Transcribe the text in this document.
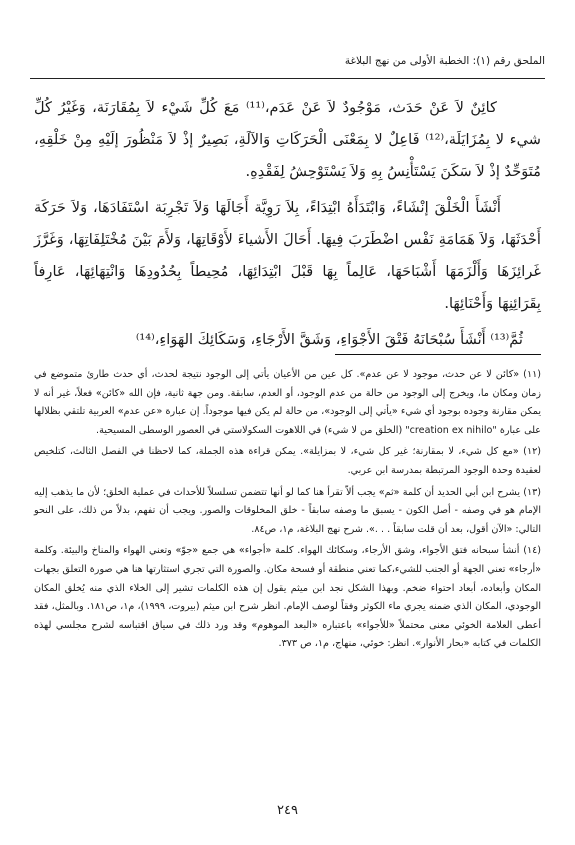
الملحق رقم (١): الخطبة الأولى من نهج البلاغة

كائِنٌ لاَ عَنْ حَدَث، مَوْجُودٌ لاَ عَنْ عَدَم،⁽¹¹⁾ مَعَ كُلِّ شَيْء لاَ بِمُقَارَنَة، وَغَيْرُ كُلِّ شيء لا بِمُزَايَلَة،⁽¹²⁾ فَاعِلٌ لا بِمَعْنَى الْحَرَكَاتِ وَالآلَةِ، بَصِيرٌ إذْ لاَ مَنْظُورَ إلَيْهِ مِنْ خَلْقِهِ، مُتَوَحِّدٌ إذْ لاَ سَكَنَ يَسْتَأْنِسُ بِهِ وَلاَ يَسْتَوْحِشُ لِفَقْدِهِ.

أَنْشَأَ الْخَلْقَ إنْشَاءً، وَابْتَدَأَهُ ابْتِدَاءً، بِلاَ رَوِيَّة أَجَالَهَا وَلاَ تَجْرِبَة اسْتَفَادَهَا، وَلاَ حَرَكَة أَحْدَثَهَا، وَلاَ هَمَامَةِ نَفْس اضْطَرَبَ فِيهَا. أَحَالَ الأَشياءَ لأَوْقَاتِهَا، وَلأَمَ بَيْنَ مُخْتَلِفَاتِهَا، وَغَرَّزَ غَرائِزَهَا وَأَلْزَمَهَا أَشْبَاحَهَا، عَالِماً بِهَا قَبْلَ ابْتِدَائِهَا، مُحِيطاً بِحُدُودِهَا وَانْتِهَائِهَا، عَارِفاً بِقَرَائِنِهَا وَأَحْنَائِهَا.

ثُمَّ⁽¹³⁾ أَنْشَأَ سُبْحَانَهُ فَتْقَ الأَجْوَاءِ، وَشَقَّ الأَرْجَاءِ، وَسَكَائِكَ الهَوَاءِ،⁽¹⁴⁾

(١١) «كائن لا عن حدث، موجود لا عن عدم». كل عين من الأعيان يأتي إلى الوجود نتيجة لحدث، أي حدث طارئ متموضع في زمان ومكان ما، ويخرج إلى الوجود من حالة من عدم الوجود، أو العدم، سابقة. ومن جهة ثانية، فإن الله «كائن» فعلاً، غير أنه لا يمكن مقارنة وجوده بوجود أي شيء «يأتي إلى الوجود»، من حالة لم يكن فيها موجوداً. إن عبارة «عن عدم» العربية تلتقي بظلالها على عبارة "creation ex nihilo" (الخلق من لا شيء) في اللاهوت السكولاستي في العصور الوسطى المسيحية.

(١٢) «مع كل شيء، لا بمقارنة؛ غير كل شيء، لا بمزايلة». يمكن قراءة هذه الجملة، كما لاحظنا في الفصل الثالث، كتلخيص لعقيدة وحدة الوجود المرتبطة بمدرسة ابن عربي.

(١٣) يشرح ابن أبي الحديد أن كلمة «ثم» يجب ألاّ تقرأ هنا كما لو أنها تتضمن تسلسلاً للأحداث في عملية الخلق؛ لأن ما يذهب إليه الإمام هو في وصفه - أصل الكون - يسبق ما وصفه سابقاً - خلق المخلوقات والصور. ويجب أن تفهم، بدلاً من ذلك، على النحو التالي: «الآن أقول، بعد أن قلت سابقاً . . .». شرح نهج البلاغة، م١، ص٨٤.

(١٤) أنشأ سبحانه فتق الأجواء، وشق الأرجاء، وسكائك الهواء. كلمة «أجواء» هي جمع «جوّ» وتعني الهواء والمناخ والبيئة. وكلمة «أرجاء» تعني الجهة أو الجنب للشيء،كما تعني منطقة أو فسحة مكان. والصورة التي تجري استثارتها هنا هي صورة التعلق بجهات المكان وأبعاده، أبعاد احتواء ضخم. وبهذا الشكل نجد ابن ميثم يقول إن هذه الكلمات تشير إلى الخلاء الذي منه يُخلق المكان الوجودي، المكان الذي ضمنه يجري ماء الكوثر وفقاً لوصف الإمام. انظر شرح ابن ميثم (بيروت، ١٩٩٩)، م١، ص١٨١. وبالمثل، فقد أعطى العلامة الخوئي معنى محتملاً «للأجواء» باعتباره «البعد الموهوم» وقد ورد ذلك في سياق اقتباسه لشرح مجلسي لهذه الكلمات في كتابه «بحار الأنوار». انظر: خوئي، منهاج، م١، ص ٣٧٣.

٢٤٩
